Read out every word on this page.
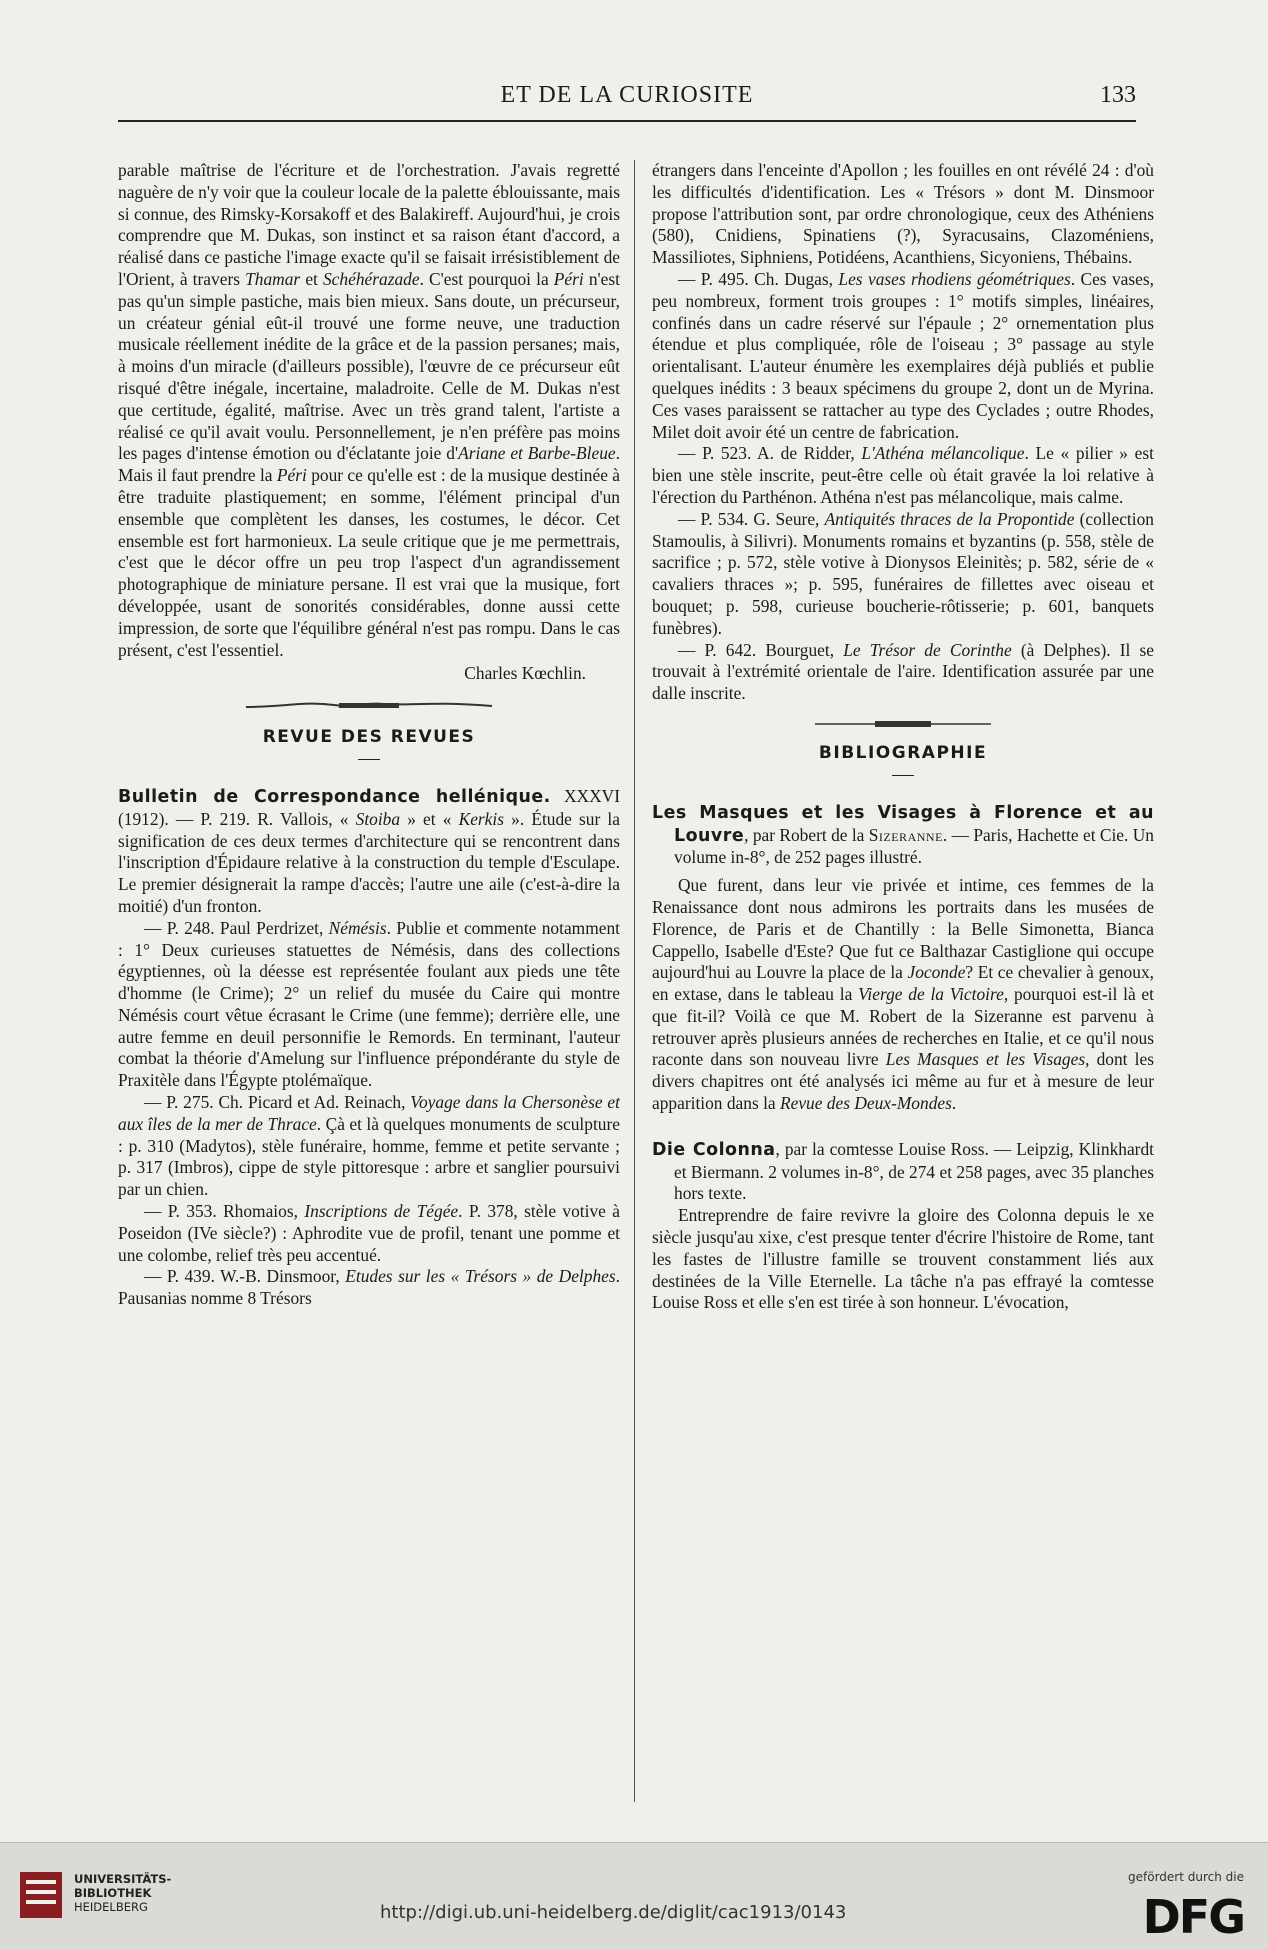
ET DE LA CURIOSITE	133

parable maîtrise de l'écriture et de l'orchestration. J'avais regretté naguère de n'y voir que la couleur locale de la palette éblouissante, mais si connue, des Rimsky-Korsakoff et des Balakireff. Aujourd'hui, je crois comprendre que M. Dukas, son instinct et sa raison étant d'accord, a réalisé dans ce pastiche l'image exacte qu'il se faisait irrésistiblement de l'Orient, à travers Thamar et Schéhérazade. C'est pourquoi la Péri n'est pas qu'un simple pastiche, mais bien mieux. Sans doute, un précurseur, un créateur génial eût-il trouvé une forme neuve, une traduction musicale réellement inédite de la grâce et de la passion persanes; mais, à moins d'un miracle (d'ailleurs possible), l'œuvre de ce précurseur eût risqué d'être inégale, incertaine, maladroite. Celle de M. Dukas n'est que certitude, égalité, maîtrise. Avec un très grand talent, l'artiste a réalisé ce qu'il avait voulu. Personnellement, je n'en préfère pas moins les pages d'intense émotion ou d'éclatante joie d'Ariane et Barbe-Bleue. Mais il faut prendre la Péri pour ce qu'elle est : de la musique destinée à être traduite plastiquement; en somme, l'élément principal d'un ensemble que complètent les danses, les costumes, le décor. Cet ensemble est fort harmonieux. La seule critique que je me permettrais, c'est que le décor offre un peu trop l'aspect d'un agrandissement photographique de miniature persane. Il est vrai que la musique, fort développée, usant de sonorités considérables, donne aussi cette impression, de sorte que l'équilibre général n'est pas rompu. Dans le cas présent, c'est l'essentiel.

Charles Kœchlin.
REVUE DES REVUES

Bulletin de Correspondance hellénique. XXXVI (1912). — P. 219. R. Vallois, « Stoiba » et « Kerkis ». Étude sur la signification de ces deux termes d'architecture qui se rencontrent dans l'inscription d'Épidaure relative à la construction du temple d'Esculape. Le premier désignerait la rampe d'accès; l'autre une aile (c'est-à-dire la moitié) d'un fronton.

— P. 248. Paul Perdrizet, Némésis. Publie et commente notamment : 1° Deux curieuses statuettes de Némésis, dans des collections égyptiennes, où la déesse est représentée foulant aux pieds une tête d'homme (le Crime); 2° un relief du musée du Caire qui montre Némésis court vêtue écrasant le Crime (une femme); derrière elle, une autre femme en deuil personnifie le Remords. En terminant, l'auteur combat la théorie d'Amelung sur l'influence prépondérante du style de Praxitèle dans l'Égypte ptolémaïque.

— P. 275. Ch. Picard et Ad. Reinach, Voyage dans la Chersonèse et aux îles de la mer de Thrace. Çà et là quelques monuments de sculpture : p. 310 (Madytos), stèle funéraire, homme, femme et petite servante ; p. 317 (Imbros), cippe de style pittoresque : arbre et sanglier poursuivi par un chien.

— P. 353. Rhomaios, Inscriptions de Tégée. P. 378, stèle votive à Poseidon (IVe siècle?) : Aphrodite vue de profil, tenant une pomme et une colombe, relief très peu accentué.

— P. 439. W.-B. Dinsmoor, Etudes sur les « Trésors » de Delphes. Pausanias nomme 8 Trésors

étrangers dans l'enceinte d'Apollon ; les fouilles en ont révélé 24 : d'où les difficultés d'identification. Les « Trésors » dont M. Dinsmoor propose l'attribution sont, par ordre chronologique, ceux des Athéniens (580), Cnidiens, Spinatiens (?), Syracusains, Clazoméniens, Massiliotes, Siphniens, Potidéens, Acanthiens, Sicyoniens, Thébains.

— P. 495. Ch. Dugas, Les vases rhodiens géométriques. Ces vases, peu nombreux, forment trois groupes : 1° motifs simples, linéaires, confinés dans un cadre réservé sur l'épaule ; 2° ornementation plus étendue et plus compliquée, rôle de l'oiseau ; 3° passage au style orientalisant. L'auteur énumère les exemplaires déjà publiés et publie quelques inédits : 3 beaux spécimens du groupe 2, dont un de Myrina. Ces vases paraissent se rattacher au type des Cyclades ; outre Rhodes, Milet doit avoir été un centre de fabrication.

— P. 523. A. de Ridder, L'Athéna mélancolique. Le « pilier » est bien une stèle inscrite, peut-être celle où était gravée la loi relative à l'érection du Parthénon. Athéna n'est pas mélancolique, mais calme.

— P. 534. G. Seure, Antiquités thraces de la Propontide (collection Stamoulis, à Silivri). Monuments romains et byzantins (p. 558, stèle de sacrifice ; p. 572, stèle votive à Dionysos Eleinitès; p. 582, série de « cavaliers thraces »; p. 595, funéraires de fillettes avec oiseau et bouquet; p. 598, curieuse boucherie-rôtisserie; p. 601, banquets funèbres).

— P. 642. Bourguet, Le Trésor de Corinthe (à Delphes). Il se trouvait à l'extrémité orientale de l'aire. Identification assurée par une dalle inscrite.

BIBLIOGRAPHIE

Les Masques et les Visages à Florence et au Louvre, par Robert de la Sizeranne. — Paris, Hachette et Cie. Un volume in-8°, de 252 pages illustré.

Que furent, dans leur vie privée et intime, ces femmes de la Renaissance dont nous admirons les portraits dans les musées de Florence, de Paris et de Chantilly : la Belle Simonetta, Bianca Cappello, Isabelle d'Este? Que fut ce Balthazar Castiglione qui occupe aujourd'hui au Louvre la place de la Joconde? Et ce chevalier à genoux, en extase, dans le tableau la Vierge de la Victoire, pourquoi est-il là et que fit-il? Voilà ce que M. Robert de la Sizeranne est parvenu à retrouver après plusieurs années de recherches en Italie, et ce qu'il nous raconte dans son nouveau livre Les Masques et les Visages, dont les divers chapitres ont été analysés ici même au fur et à mesure de leur apparition dans la Revue des Deux-Mondes.

Die Colonna, par la comtesse Louise Ross. — Leipzig, Klinkhardt et Biermann. 2 volumes in-8°, de 274 et 258 pages, avec 35 planches hors texte.

Entreprendre de faire revivre la gloire des Colonna depuis le xe siècle jusqu'au xixe, c'est presque tenter d'écrire l'histoire de Rome, tant les fastes de l'illustre famille se trouvent constamment liés aux destinées de la Ville Eternelle. La tâche n'a pas effrayé la comtesse Louise Ross et elle s'en est tirée à son honneur. L'évocation,

UNIVERSITÄTS-
BIBLIOTHEK
HEIDELBERG	http://digi.ub.uni-heidelberg.de/diglit/cac1913/0143
gefördert durch die
DFG
